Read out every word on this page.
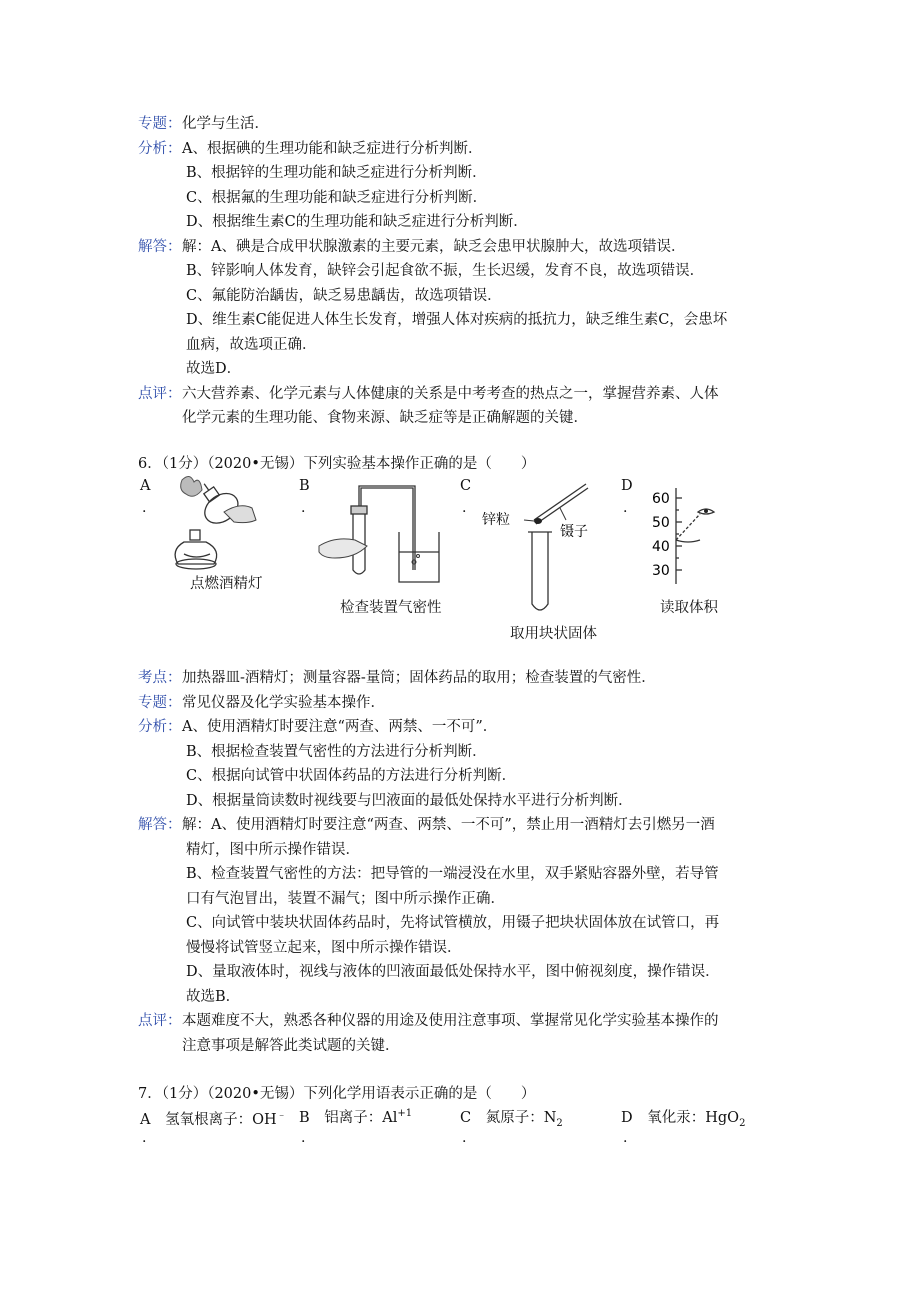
专题： 化学与生活．
分析： A、根据碘的生理功能和缺乏症进行分析判断．
B、根据锌的生理功能和缺乏症进行分析判断．
C、根据氟的生理功能和缺乏症进行分析判断．
D、根据维生素C的生理功能和缺乏症进行分析判断．
解答： 解：A、碘是合成甲状腺激素的主要元素，缺乏会患甲状腺肿大，故选项错误．
B、锌影响人体发育，缺锌会引起食欲不振，生长迟缓，发育不良，故选项错误．
C、氟能防治龋齿，缺乏易患龋齿，故选项错误．
D、维生素C能促进人体生长发育，增强人体对疾病的抵抗力，缺乏维生素C，会患坏
血病，故选项正确．
故选D．
点评： 六大营养素、化学元素与人体健康的关系是中考考查的热点之一，掌握营养素、人体
化学元素的生理功能、食物来源、缺乏症等是正确解题的关键．
6．（1分）（2020•无锡）下列实验基本操作正确的是（　　）
A
.
B
.
C
.
D
.
点燃酒精灯
检查装置气密性
锌粒
镊子
取用块状固体
60
50
40
30
读取体积
考点： 加热器皿-酒精灯；测量容器-量筒；固体药品的取用；检查装置的气密性．
专题： 常见仪器及化学实验基本操作．
分析： A、使用酒精灯时要注意“两查、两禁、一不可”．
B、根据检查装置气密性的方法进行分析判断．
C、根据向试管中状固体药品的方法进行分析判断．
D、根据量筒读数时视线要与凹液面的最低处保持水平进行分析判断．
解答： 解：A、使用酒精灯时要注意“两查、两禁、一不可”，禁止用一酒精灯去引燃另一酒
精灯，图中所示操作错误．
B、检查装置气密性的方法：把导管的一端浸没在水里，双手紧贴容器外壁，若导管
口有气泡冒出，装置不漏气；图中所示操作正确．
C、向试管中装块状固体药品时，先将试管横放，用镊子把块状固体放在试管口，再
慢慢将试管竖立起来，图中所示操作错误．
D、量取液体时，视线与液体的凹液面最低处保持水平，图中俯视刻度，操作错误．
故选B．
点评： 本题难度不大，熟悉各种仪器的用途及使用注意事项、掌握常见化学实验基本操作的
注意事项是解答此类试题的关键．
7．（1分）（2020•无锡）下列化学用语表示正确的是（　　）
A 氢氧根离子：OH﹣
.
B 铝离子：$Al^{+1}$
.
C 氮原子：$N_2$
.
D 氧化汞：HgO$_2$
.
